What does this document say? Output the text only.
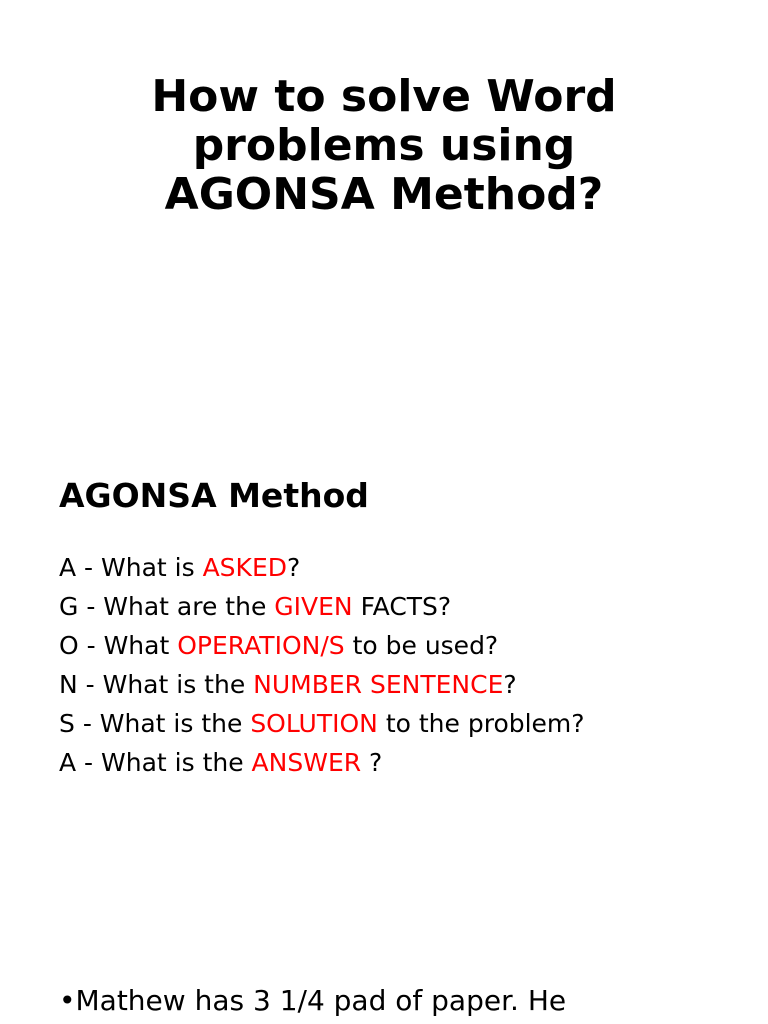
How to solve Word
problems using
AGONSA Method?
AGONSA Method
A - What is ASKED?
G - What are the GIVEN FACTS?
O - What OPERATION/S to be used?
N - What is the NUMBER SENTENCE?
S - What is the SOLUTION to the problem?
A - What is the ANSWER ?

•Mathew has 3 1/4 pad of paper. He
